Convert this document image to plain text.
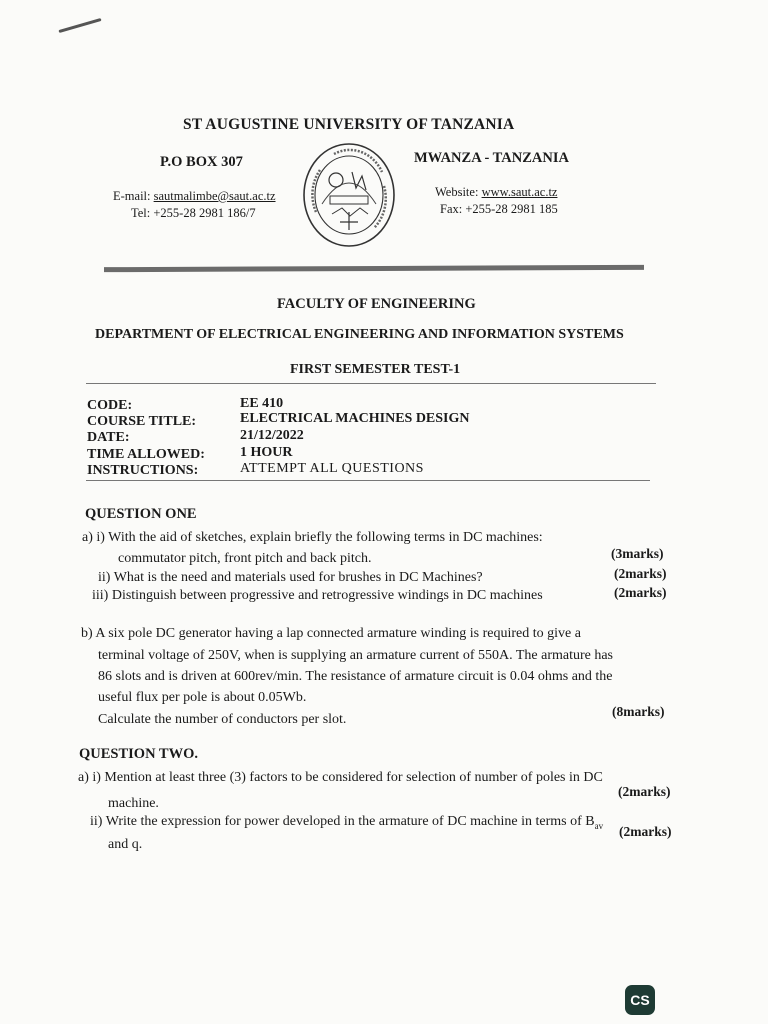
ST AUGUSTINE UNIVERSITY OF TANZANIA
P.O BOX 307	MWANZA - TANZANIA
E-mail: sautmalimbe@saut.ac.tz
Tel: +255-28 2981 186/7
Website: www.saut.ac.tz
Fax: +255-28 2981 185
FACULTY OF ENGINEERING
DEPARTMENT OF ELECTRICAL ENGINEERING AND INFORMATION SYSTEMS
FIRST SEMESTER TEST-1
CODE:	EE 410
COURSE TITLE:	ELECTRICAL MACHINES DESIGN
DATE:	21/12/2022
TIME ALLOWED:	1 HOUR
INSTRUCTIONS:	ATTEMPT ALL QUESTIONS
QUESTION ONE
a) i) With the aid of sketches, explain briefly the following terms in DC machines:
commutator pitch, front pitch and back pitch.	(3marks)
ii) What is the need and materials used for brushes in DC Machines?	(2marks)
iii) Distinguish between progressive and retrogressive windings in DC machines	(2marks)
b) A six pole DC generator having a lap connected armature winding is required to give a
terminal voltage of 250V, when is supplying an armature current of 550A. The armature has
86 slots and is driven at 600rev/min. The resistance of armature circuit is 0.04 ohms and the
useful flux per pole is about 0.05Wb.
Calculate the number of conductors per slot.
(8marks)
QUESTION TWO.
a) i) Mention at least three (3) factors to be considered for selection of number of poles in DC
machine.
(2marks)
ii) Write the expression for power developed in the armature of DC machine in terms of $B_{av}$
and q.
(2marks)
CS
